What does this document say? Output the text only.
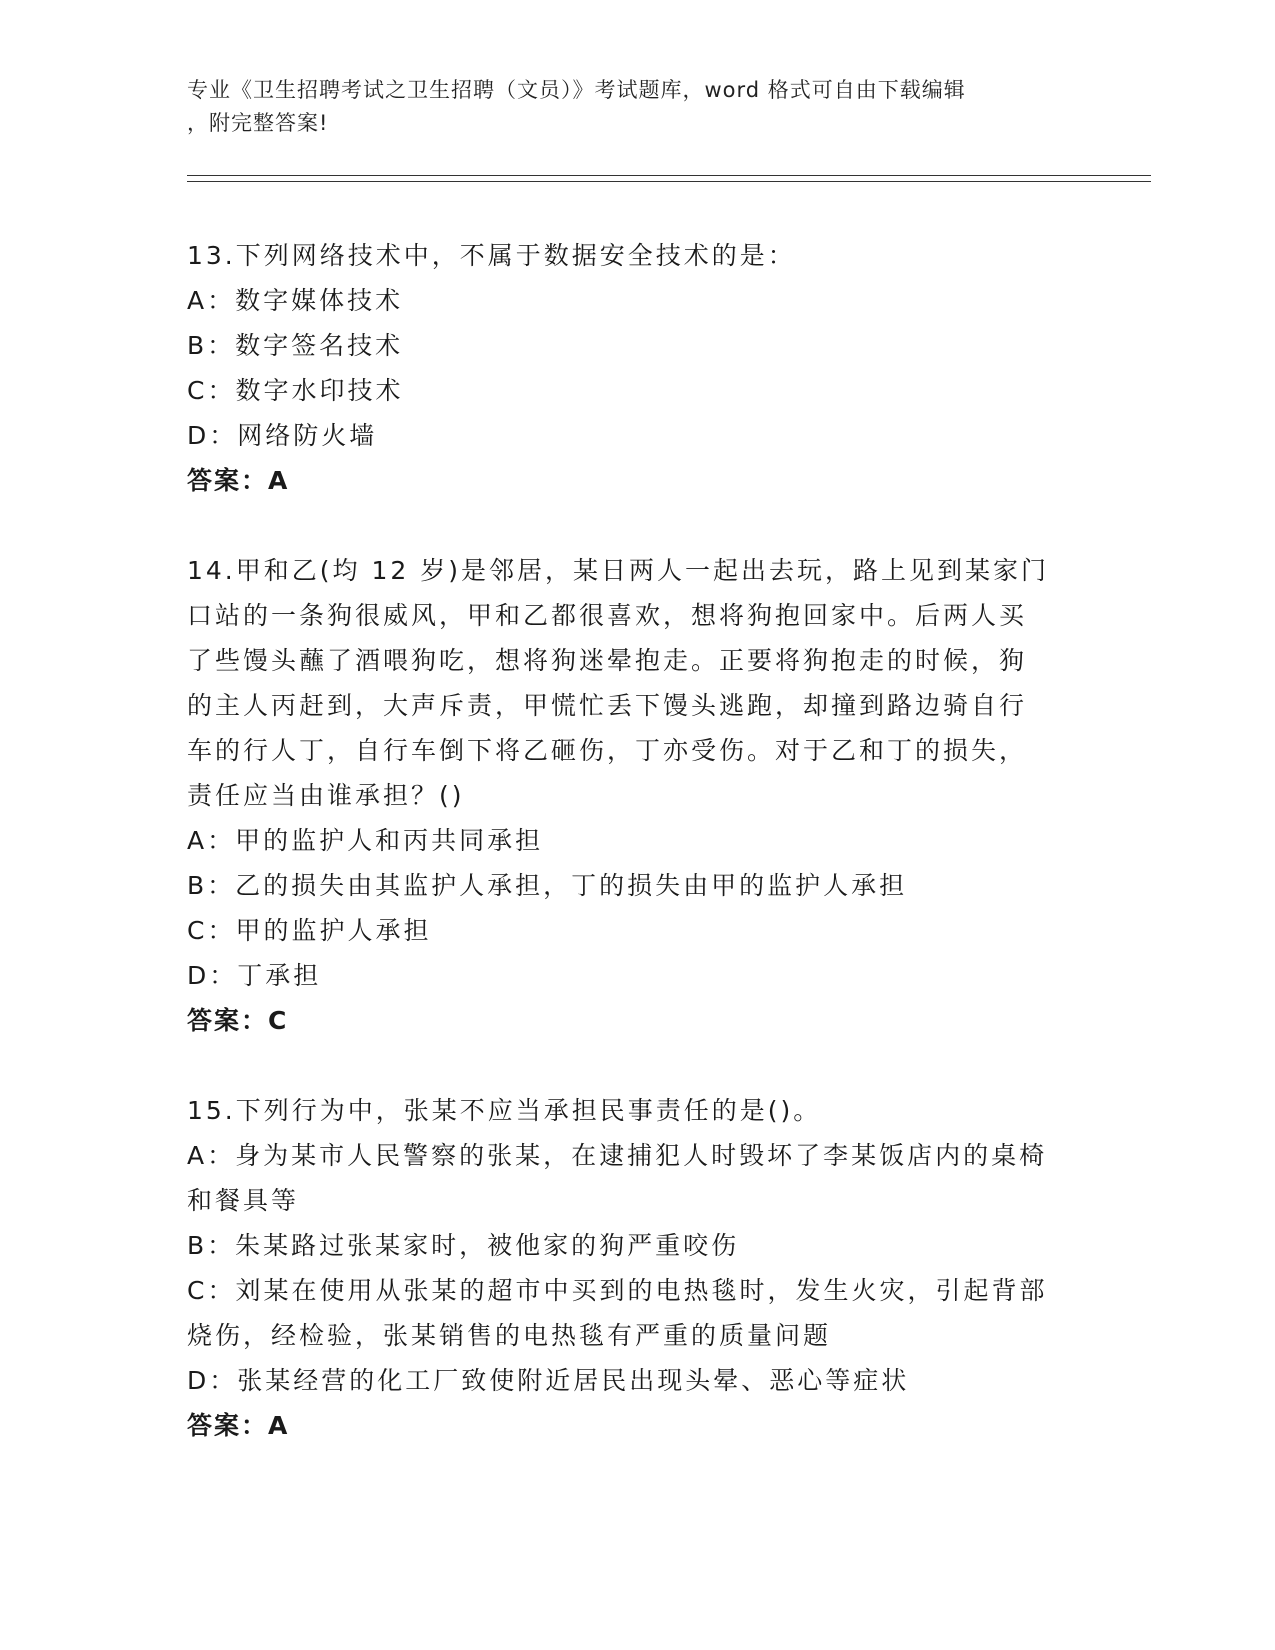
专业《卫生招聘考试之卫生招聘（文员）》考试题库，word 格式可自由下载编辑
，附完整答案!

13.下列网络技术中，不属于数据安全技术的是：

A：数字媒体技术

B：数字签名技术

C：数字水印技术

D：网络防火墙

答案：A

14.甲和乙(均 12 岁)是邻居，某日两人一起出去玩，路上见到某家门

口站的一条狗很威风，甲和乙都很喜欢，想将狗抱回家中。后两人买

了些馒头蘸了酒喂狗吃，想将狗迷晕抱走。正要将狗抱走的时候，狗

的主人丙赶到，大声斥责，甲慌忙丢下馒头逃跑，却撞到路边骑自行

车的行人丁，自行车倒下将乙砸伤，丁亦受伤。对于乙和丁的损失，

责任应当由谁承担？()

A：甲的监护人和丙共同承担

B：乙的损失由其监护人承担，丁的损失由甲的监护人承担

C：甲的监护人承担

D：丁承担

答案：C

15.下列行为中，张某不应当承担民事责任的是()。

A：身为某市人民警察的张某，在逮捕犯人时毁坏了李某饭店内的桌椅

和餐具等

B：朱某路过张某家时，被他家的狗严重咬伤

C：刘某在使用从张某的超市中买到的电热毯时，发生火灾，引起背部

烧伤，经检验，张某销售的电热毯有严重的质量问题

D：张某经营的化工厂致使附近居民出现头晕、恶心等症状

答案：A
